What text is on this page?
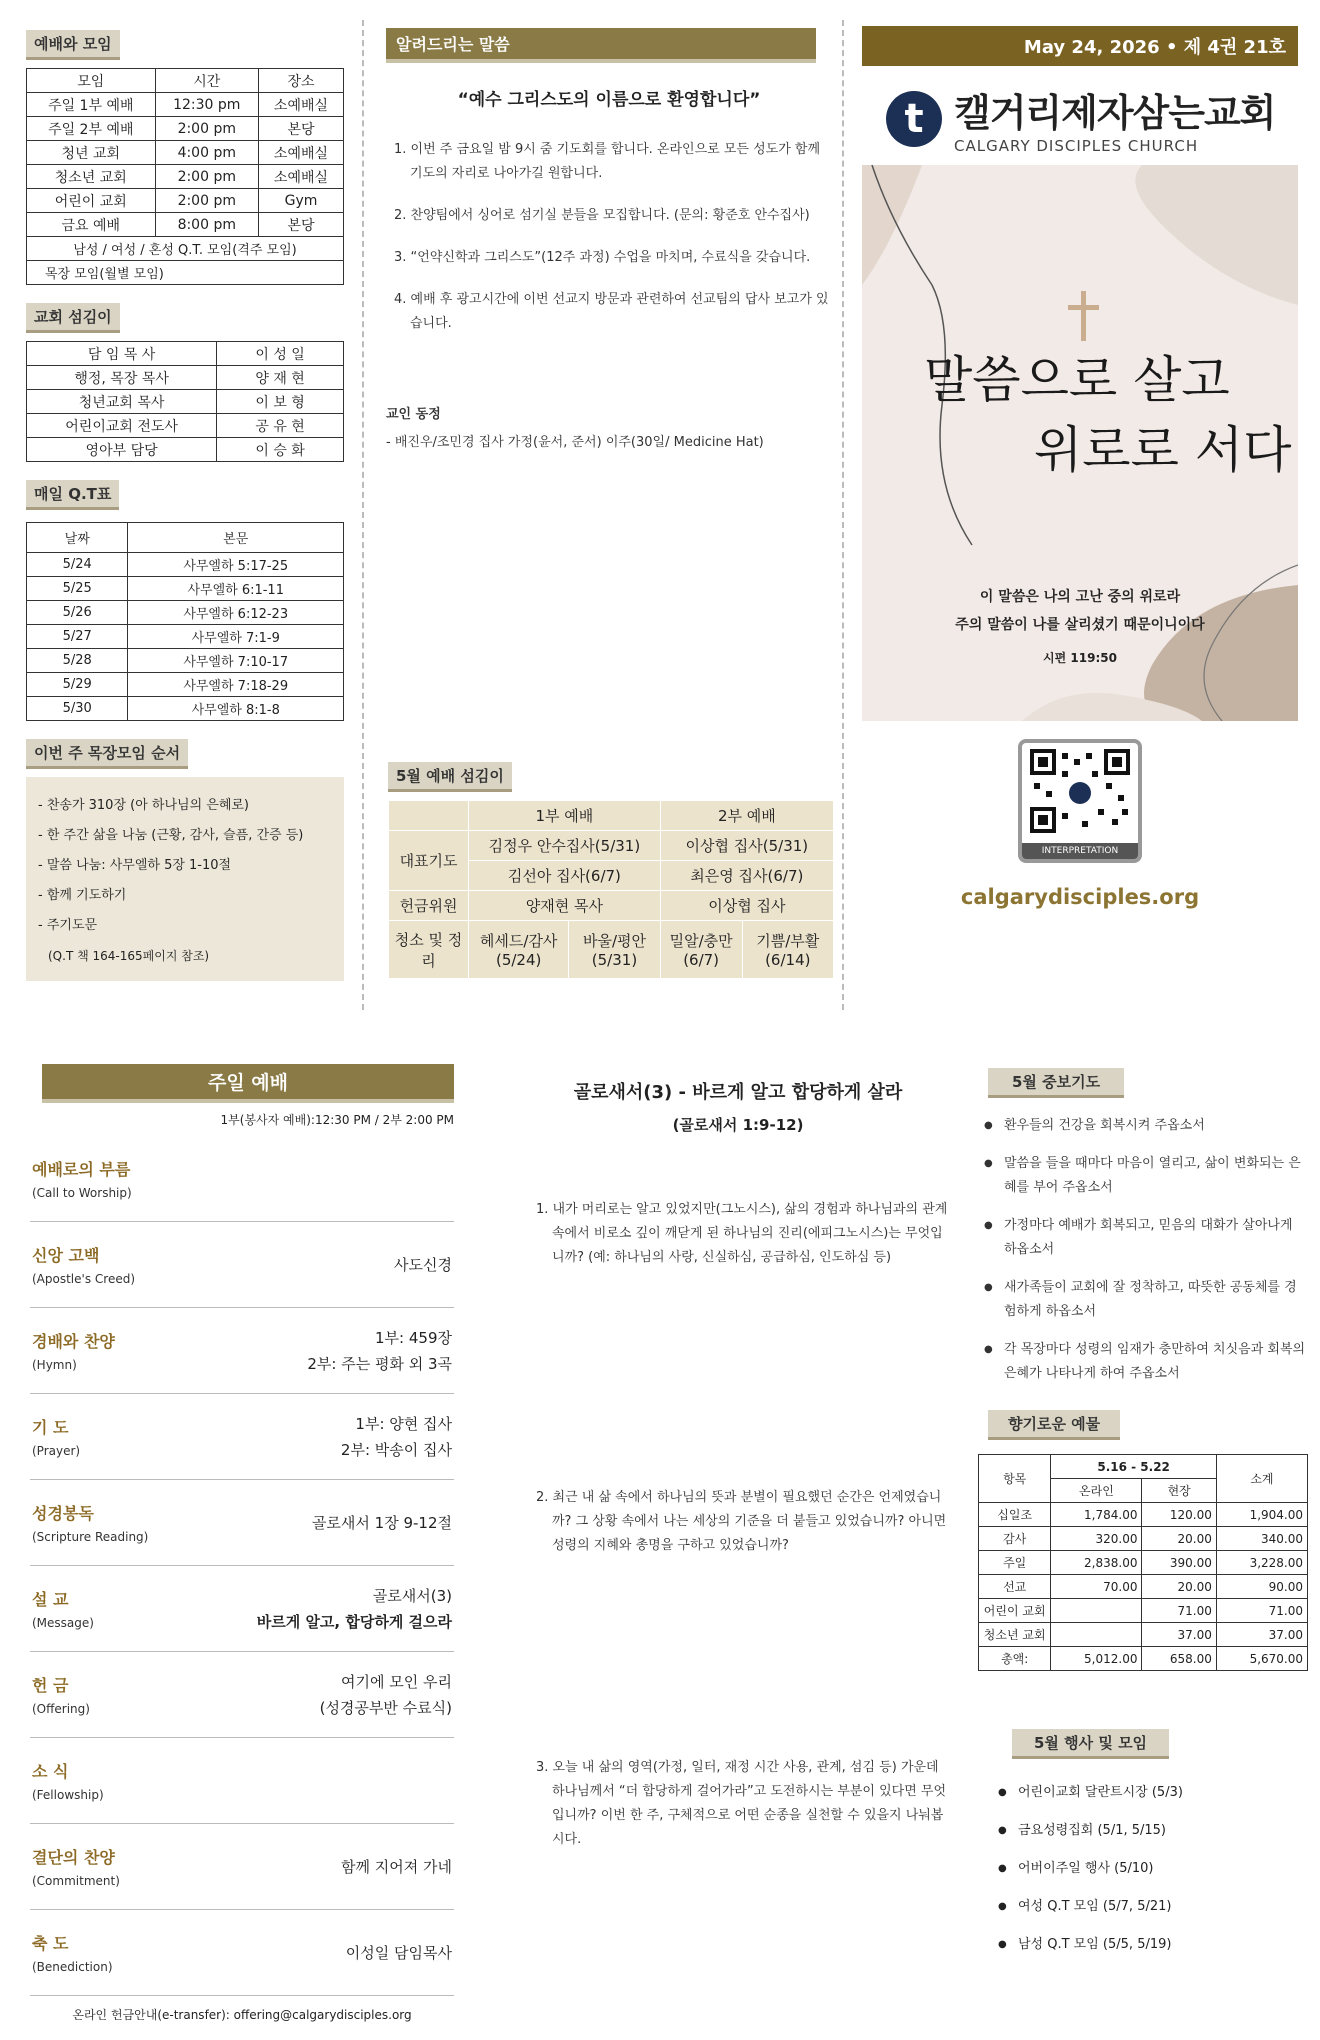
예배와 모임
모임	시간	장소
주일 1부 예배	12:30 pm	소예배실
주일 2부 예배	2:00 pm	본당
청년 교회	4:00 pm	소예배실
청소년 교회	2:00 pm	소예배실
어린이 교회	2:00 pm	Gym
금요 예배	8:00 pm	본당
남성 / 여성 / 혼성 Q.T. 모임(격주 모임)		
목장 모임(월별 모임)		
교회 섬김이
담 임 목 사	이 성 일
행정, 목장 목사	양 재 현
청년교회 목사	이 보 형
어린이교회 전도사	공 유 현
영아부 담당	이 승 화
매일 Q.T표
날짜	본문
5/24	사무엘하 5:17-25
5/25	사무엘하 6:1-11
5/26	사무엘하 6:12-23
5/27	사무엘하 7:1-9
5/28	사무엘하 7:10-17
5/29	사무엘하 7:18-29
5/30	사무엘하 8:1-8
이번 주 목장모임 순서
- 찬송가 310장 (아 하나님의 은혜로)
- 한 주간 삶을 나눔 (근황, 감사, 슬픔, 간증 등)
- 말씀 나눔: 사무엘하 5장 1-10절
- 함께 기도하기
- 주기도문
(Q.T 책 164-165페이지 참조)
알려드리는 말씀
“예수 그리스도의 이름으로 환영합니다”
1. 이번 주 금요일 밤 9시 줌 기도회를 합니다. 온라인으로 모든 성도가 함께 기도의 자리로 나아가길 원합니다.
2. 찬양팀에서 싱어로 섬기실 분들을 모집합니다. (문의: 황준호 안수집사)
3. “언약신학과 그리스도”(12주 과정) 수업을 마치며, 수료식을 갖습니다.
4. 예배 후 광고시간에 이번 선교지 방문과 관련하여 선교팀의 답사 보고가 있습니다.
교인 동정
- 배진우/조민경 집사 가정(윤서, 준서) 이주(30일/ Medicine Hat)
5월 예배 섬김이
	1부 예배		2부 예배	
대표기도	김정우 안수집사(5/31)		이상협 집사(5/31)	
	김선아 집사(6/7)		최은영 집사(6/7)	
헌금위원	양재현 목사		이상협 집사	
청소 및 정리	헤세드/감사 (5/24)	바울/평안 (5/31)	밀알/충만 (6/7)	기쁨/부활 (6/14)
May 24, 2026 • 제 4권 21호
t 캘거리제자삼는교회
CALGARY DISCIPLES CHURCH
말씀으로 살고
위로로 서다
이 말씀은 나의 고난 중의 위로라
주의 말씀이 나를 살리셨기 때문이니이다
시편 119:50
INTERPRETATION
calgarydisciples.org
주일 예배
1부(봉사자 예배):12:30 PM / 2부 2:00 PM
예배로의 부름
(Call to Worship)
신앙 고백
(Apostle's Creed)
사도신경
경배와 찬양
(Hymn)
1부: 459장
2부: 주는 평화 외 3곡
기 도
(Prayer)
1부: 양현 집사
2부: 박송이 집사
성경봉독
(Scripture Reading)
골로새서 1장 9-12절
설 교
(Message)
골로새서(3)
바르게 알고, 합당하게 걸으라
헌 금
(Offering)
여기에 모인 우리
(성경공부반 수료식)
소 식
(Fellowship)
결단의 찬양
(Commitment)
함께 지어져 가네
축 도
(Benediction)
이성일 담임목사
온라인 헌금안내(e-transfer): offering@calgarydisciples.org
골로새서(3) - 바르게 알고 합당하게 살라
(골로새서 1:9-12)
1. 내가 머리로는 알고 있었지만(그노시스), 삶의 경험과 하나님과의 관계 속에서 비로소 깊이 깨닫게 된 하나님의 진리(에피그노시스)는 무엇입니까? (예: 하나님의 사랑, 신실하심, 공급하심, 인도하심 등)
2. 최근 내 삶 속에서 하나님의 뜻과 분별이 필요했던 순간은 언제였습니까? 그 상황 속에서 나는 세상의 기준을 더 붙들고 있었습니까? 아니면 성령의 지혜와 총명을 구하고 있었습니까?
3. 오늘 내 삶의 영역(가정, 일터, 재정 시간 사용, 관계, 섬김 등) 가운데 하나님께서 “더 합당하게 걸어가라”고 도전하시는 부분이 있다면 무엇입니까? 이번 한 주, 구체적으로 어떤 순종을 실천할 수 있을지 나눠봅시다.
5월 중보기도
● 환우들의 건강을 회복시켜 주옵소서
● 말씀을 들을 때마다 마음이 열리고, 삶이 변화되는 은혜를 부어 주옵소서
● 가정마다 예배가 회복되고, 믿음의 대화가 살아나게 하옵소서
● 새가족들이 교회에 잘 정착하고, 따뜻한 공동체를 경험하게 하옵소서
● 각 목장마다 성령의 임재가 충만하여 치싯음과 회복의 은혜가 나타나게 하여 주옵소서
향기로운 예물
항목	5.16 - 5.22		소계
	온라인	현장	
십일조	1,784.00	120.00	1,904.00
감사	320.00	20.00	340.00
주일	2,838.00	390.00	3,228.00
선교	70.00	20.00	90.00
어린이 교회		71.00	71.00
청소년 교회		37.00	37.00
총액:	5,012.00	658.00	5,670.00
5월 행사 및 모임
● 어린이교회 달란트시장 (5/3)
● 금요성령집회 (5/1, 5/15)
● 어버이주일 행사 (5/10)
● 여성 Q.T 모임 (5/7, 5/21)
● 남성 Q.T 모임 (5/5, 5/19)
